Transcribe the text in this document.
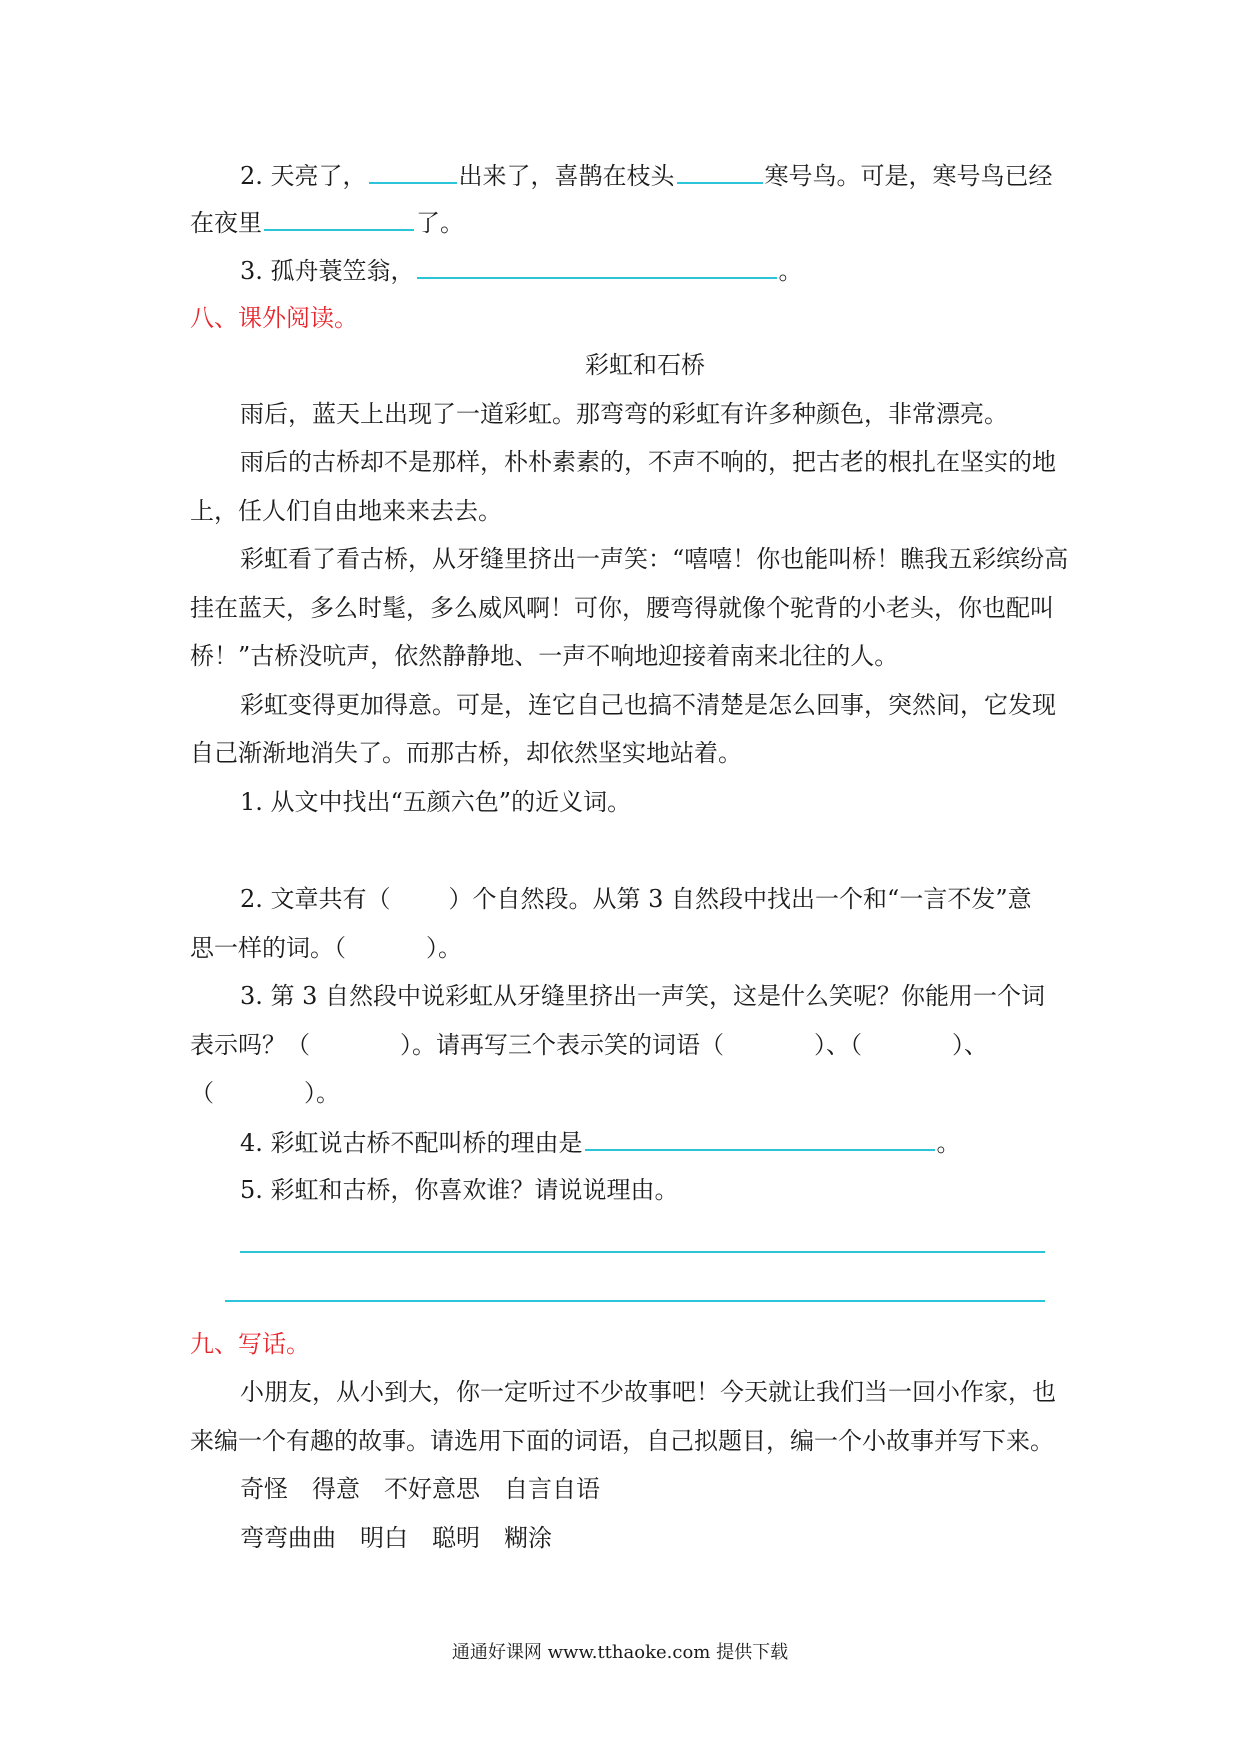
2. 天亮了，	出来了，喜鹊在枝头	寒号鸟。可是，寒号鸟已经
在夜里	了。
3. 孤舟蓑笠翁，	。
八、课外阅读。
彩虹和石桥
雨后，蓝天上出现了一道彩虹。那弯弯的彩虹有许多种颜色，非常漂亮。
雨后的古桥却不是那样，朴朴素素的，不声不响的，把古老的根扎在坚实的地
上，任人们自由地来来去去。
彩虹看了看古桥，从牙缝里挤出一声笑：“嘻嘻！你也能叫桥！瞧我五彩缤纷高
挂在蓝天，多么时髦，多么威风啊！可你，腰弯得就像个驼背的小老头，你也配叫
桥！”古桥没吭声，依然静静地、一声不响地迎接着南来北往的人。
彩虹变得更加得意。可是，连它自己也搞不清楚是怎么回事，突然间，它发现
自己渐渐地消失了。而那古桥，却依然坚实地站着。
1. 从文中找出“五颜六色”的近义词。
2. 文章共有（ ）个自然段。从第 3 自然段中找出一个和“一言不发”意
思一样的词。（	）。
3. 第 3 自然段中说彩虹从牙缝里挤出一声笑，这是什么笑呢？你能用一个词
表示吗？（	）。请再写三个表示笑的词语（	）、（	）、
（	）。
4. 彩虹说古桥不配叫桥的理由是	。
5. 彩虹和古桥，你喜欢谁？请说说理由。
九、写话。
小朋友，从小到大，你一定听过不少故事吧！今天就让我们当一回小作家，也
来编一个有趣的故事。请选用下面的词语，自己拟题目，编一个小故事并写下来。
奇怪 得意 不好意思 自言自语
弯弯曲曲 明白 聪明 糊涂
通通好课网 www.tthaoke.com 提供下载
